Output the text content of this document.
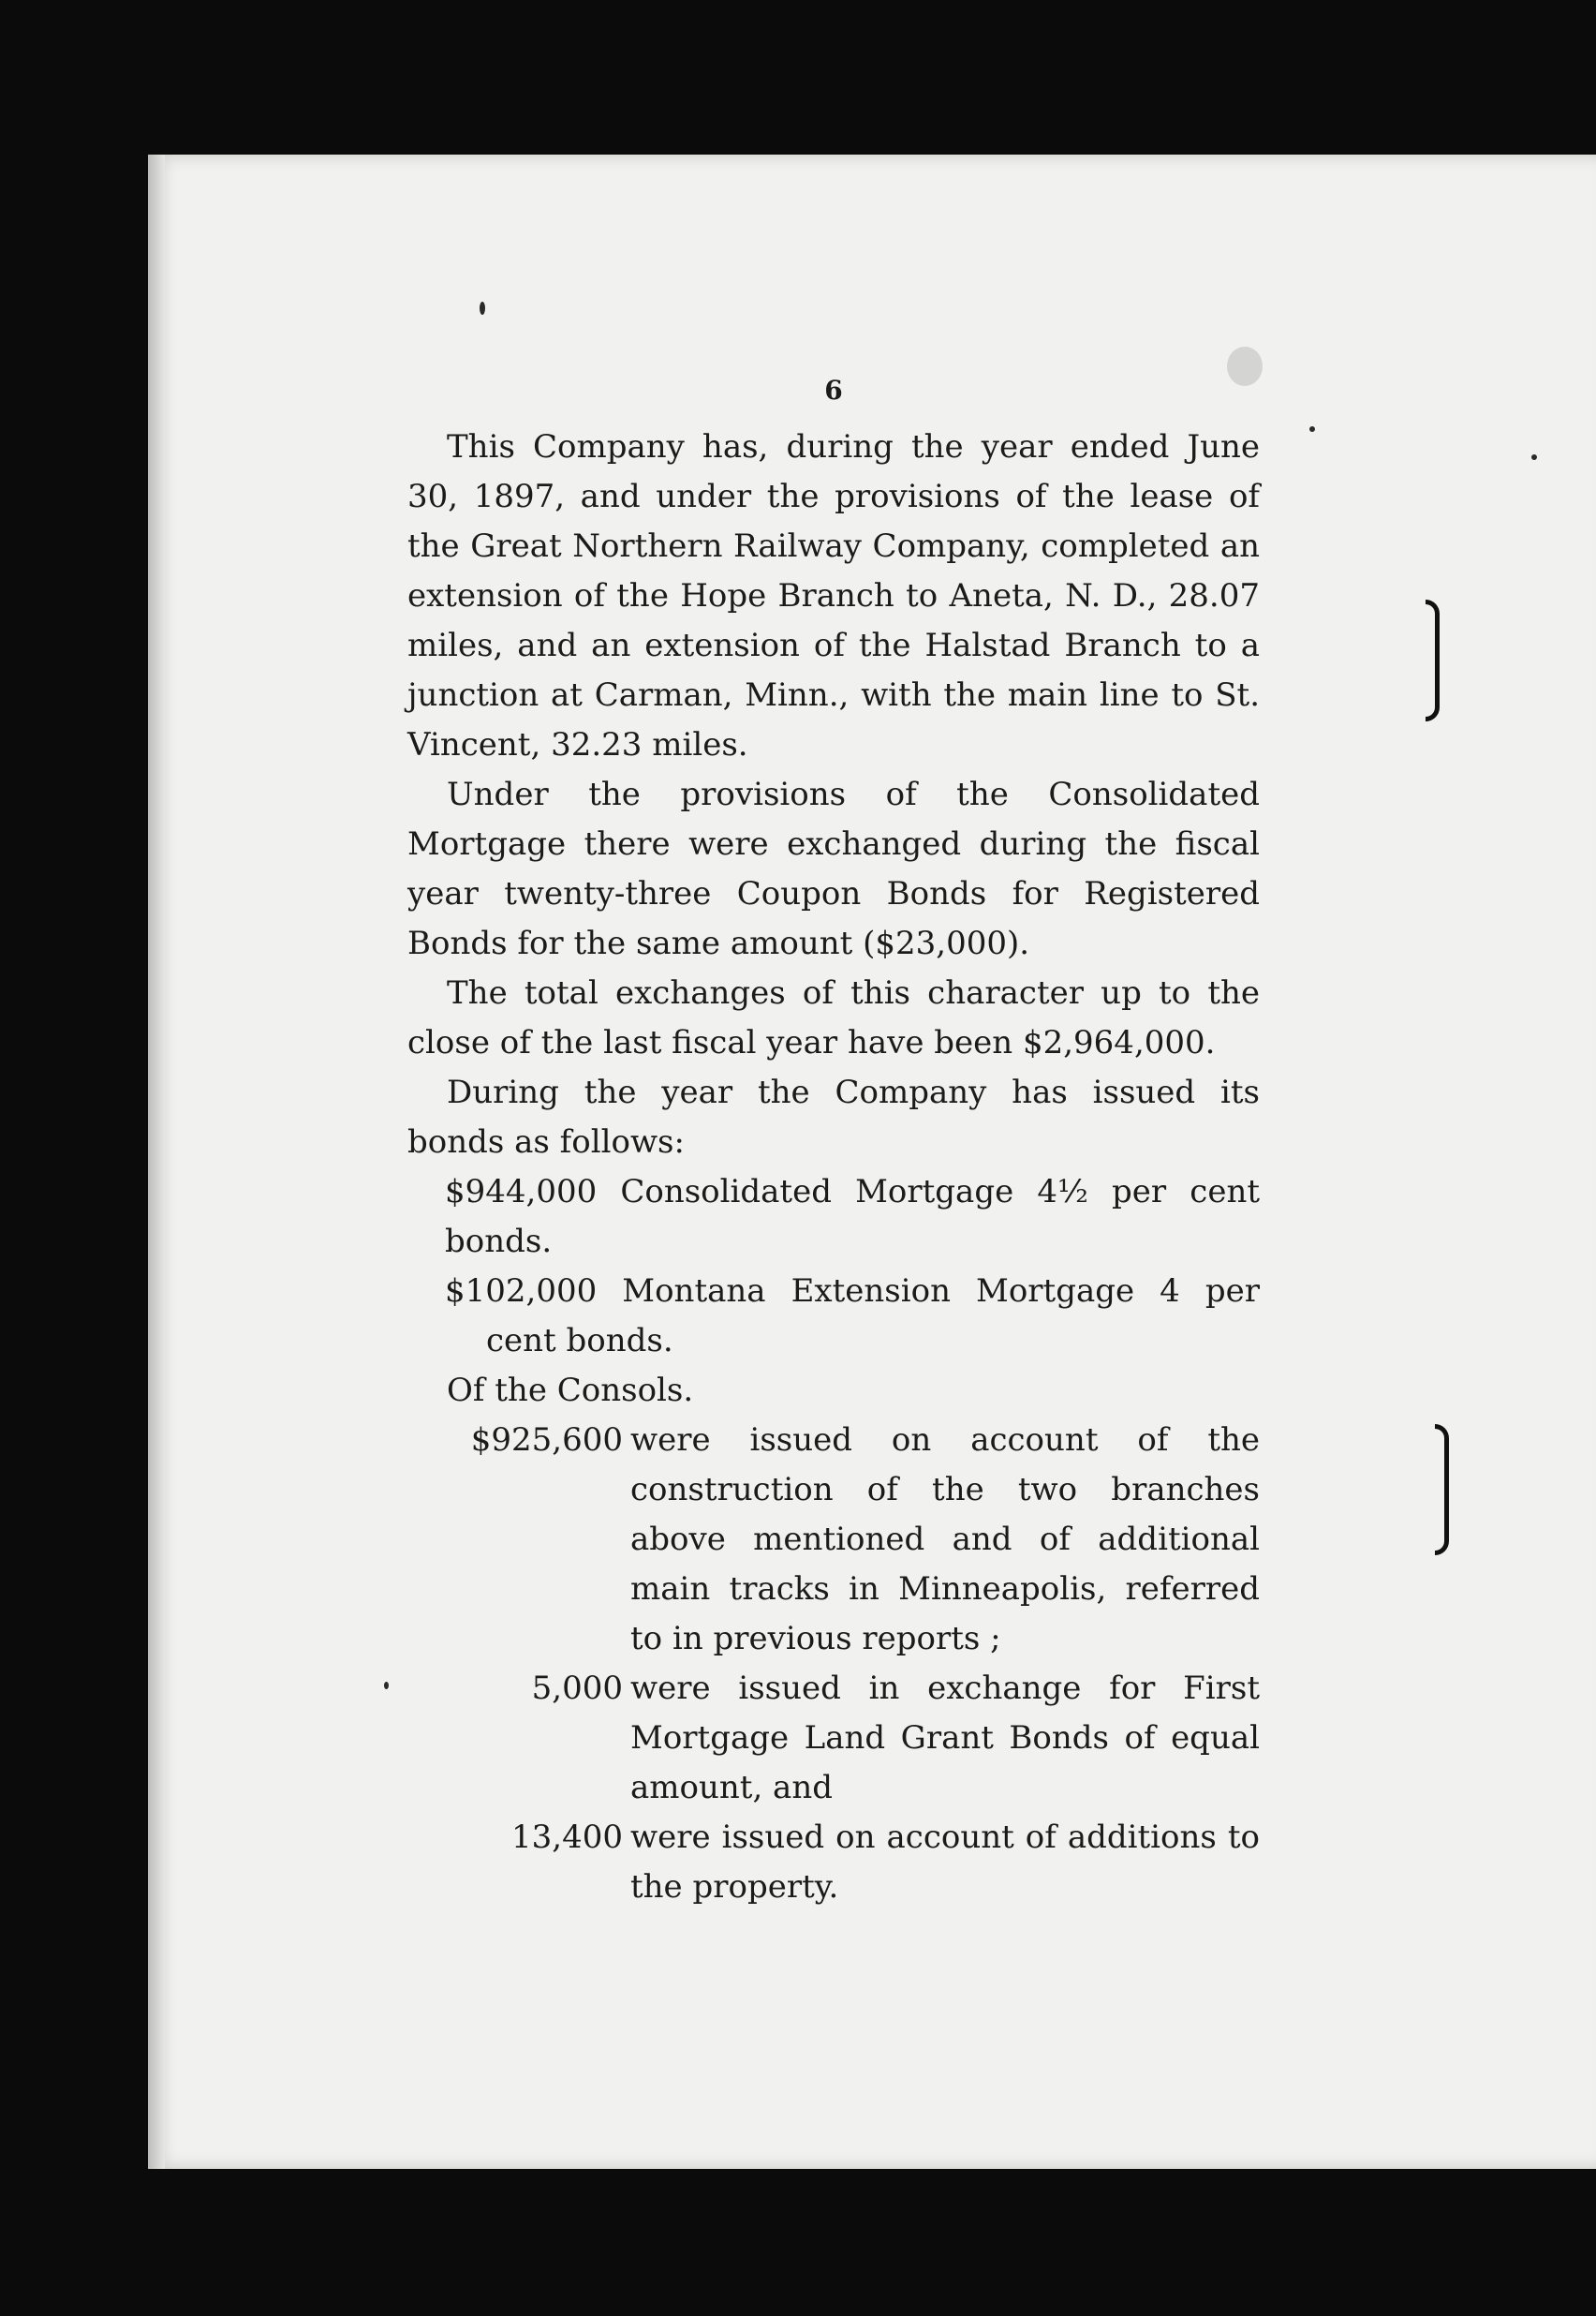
6

This Company has, during the year ended June 30, 1897, and under the provisions of the lease of the Great Northern Railway Company, completed an extension of the Hope Branch to Aneta, N. D., 28.07 miles, and an extension of the Halstad Branch to a junction at Carman, Minn., with the main line to St. Vincent, 32.23 miles.

Under the provisions of the Consolidated Mortgage there were exchanged during the fiscal year twenty-three Coupon Bonds for Registered Bonds for the same amount ($23,000).

The total exchanges of this character up to the close of the last fiscal year have been $2,964,000.

During the year the Company has issued its bonds as follows:

$944,000 Consolidated Mortgage 4½ per cent bonds.

$102,000 Montana Extension Mortgage 4 per cent bonds.

Of the Consols.

$925,600 were issued on account of the construction of the two branches above mentioned and of additional main tracks in Minneapolis, referred to in previous reports ;
5,000 were issued in exchange for First Mortgage Land Grant Bonds of equal amount, and
13,400 were issued on account of additions to the property.
